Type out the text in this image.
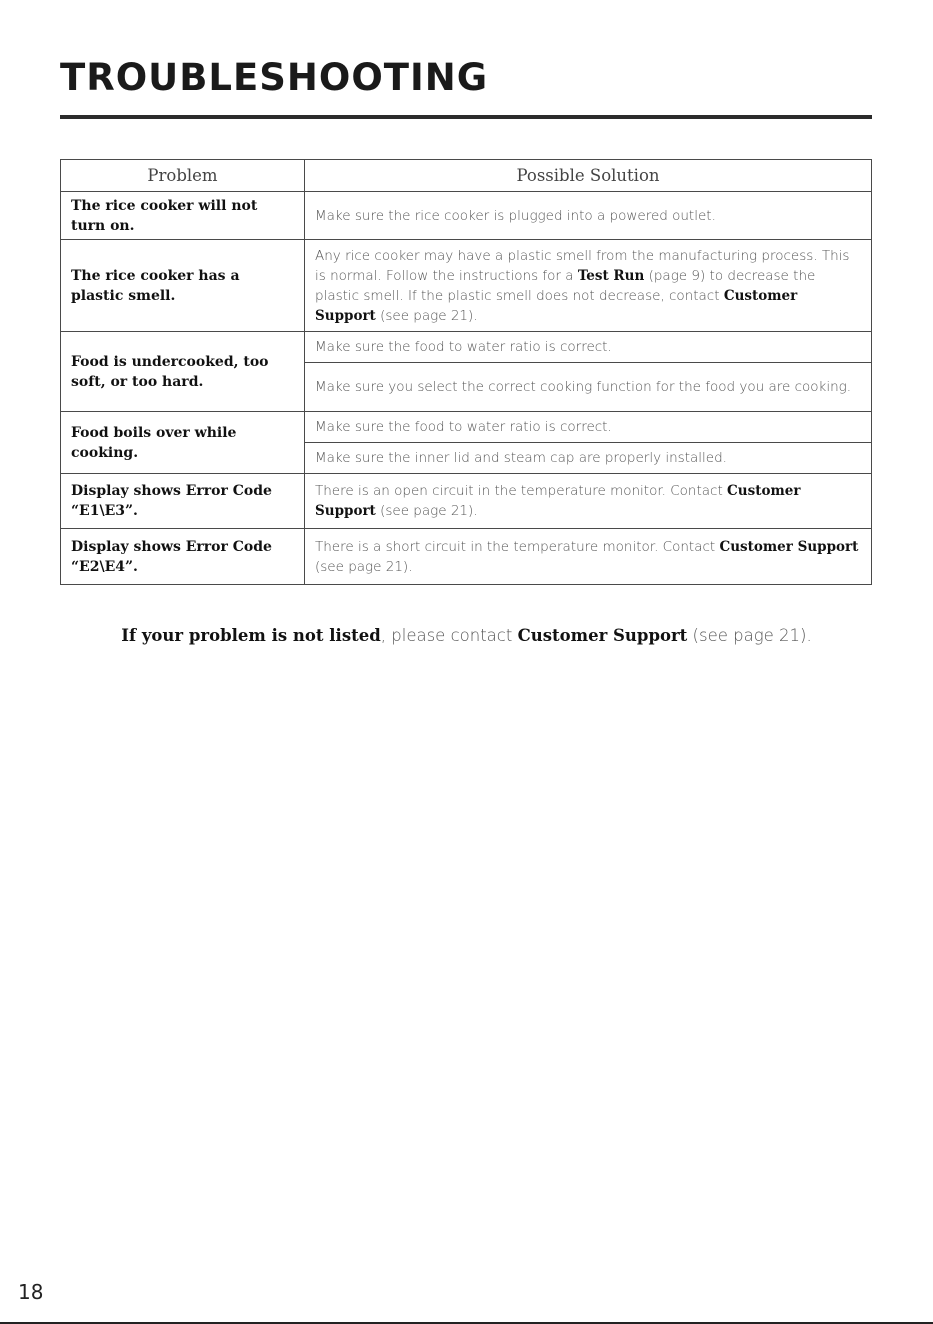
TROUBLESHOOTING
Problem	Possible Solution
The rice cooker will not turn on.	Make sure the rice cooker is plugged into a powered outlet.
The rice cooker has a plastic smell.	Any rice cooker may have a plastic smell from the manufacturing process. This is normal. Follow the instructions for a Test Run (page 9) to decrease the plastic smell. If the plastic smell does not decrease, contact Customer Support (see page 21).
Food is undercooked, too soft, or too hard.	Make sure the food to water ratio is correct.
	Make sure you select the correct cooking function for the food you are cooking.
Food boils over while cooking.	Make sure the food to water ratio is correct.
	Make sure the inner lid and steam cap are properly installed.
Display shows Error Code “E1\E3”.	There is an open circuit in the temperature monitor. Contact Customer Support (see page 21).
Display shows Error Code “E2\E4”.	There is a short circuit in the temperature monitor. Contact Customer Support (see page 21).
If your problem is not listed, please contact Customer Support (see page 21).
18
